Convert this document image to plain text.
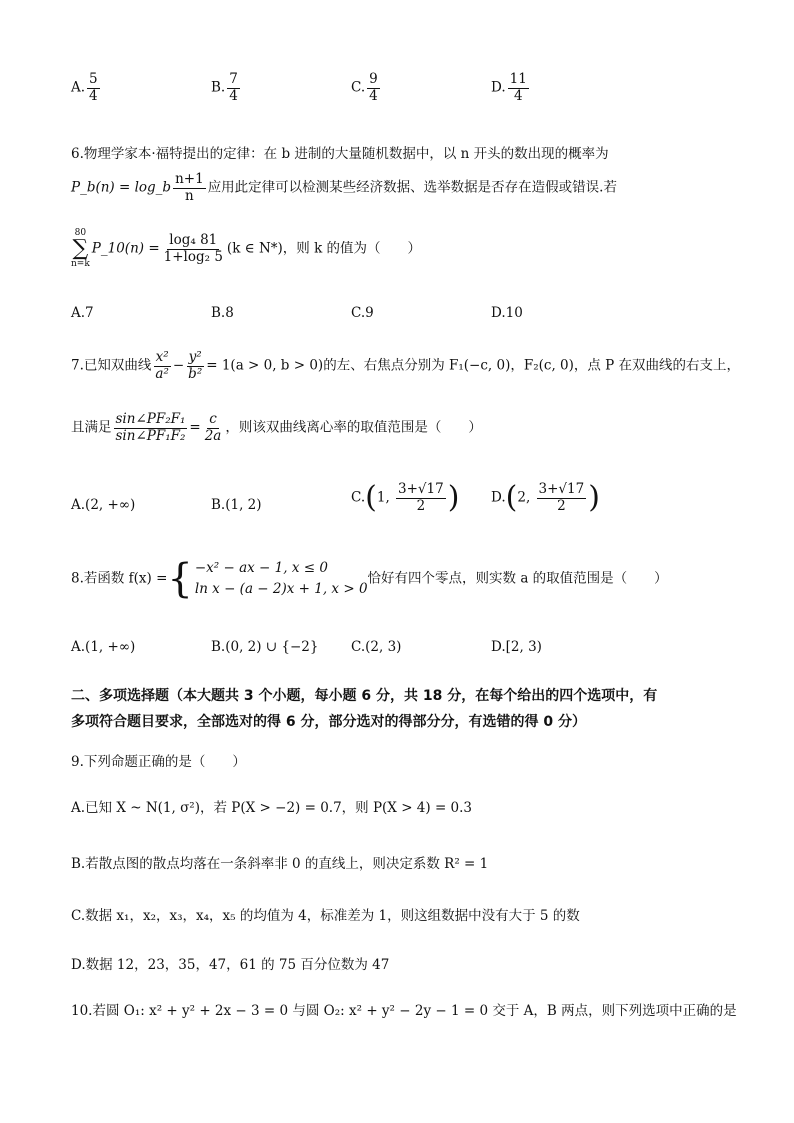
A. $\frac{5}{4}$	B. $\frac{7}{4}$	C. $\frac{9}{4}$	D. $\frac{11}{4}$
6.物理学家本·福特提出的定律：在 b 进制的大量随机数据中，以 n 开头的数出现的概率为
P_b(n) = log_b $\frac{n+1}{n}$ 应用此定律可以检测某些经济数据、选举数据是否存在造假或错误.若
80
∑
n=k
P_10(n) = $\frac{\text{log₄ 81}}{\text{1+log₂ 5}} (k$ ∈ N*)，则 k 的值为（　　）
A.7	B.8	C.9	D.10
7.已知双曲线 $\frac{\text{x²}}{\text{a²}} - \frac{\text{y²}}{\text{b²}} = 1(a > 0$, b > 0)的左、右焦点分别为 F₁(−c, 0)，F₂(c, 0)，点 P 在双曲线的右支上，
且满足 $\frac{\text{sin∠PF₂F₁}}{\text{sin∠PF₁F₂}} = \frac{c}{2a}$ ，则该双曲线离心率的取值范围是（　　）
A.(2, +∞)	B.(1, 2)	C.(1, $\frac{3+√17}{2}$ ) D.(2, $\frac{3+√17}{2}$ )
8.若函数 f(x) = { −x² − ax − 1, x ≤ 0
ln x − (a − 2)x + 1, x > 0
恰好有四个零点，则实数 a 的取值范围是（　　）
A.(1, +∞)	B.(0, 2) ∪ {−2} C.(2, 3)	D.[2, 3)
二、多项选择题（本大题共 3 个小题，每小题 6 分，共 18 分，在每个给出的四个选项中，有
多项符合题目要求，全部选对的得 6 分，部分选对的得部分分，有选错的得 0 分）
9.下列命题正确的是（　　）
A.已知 X ~ N(1, σ²)，若 P(X > −2) = 0.7，则 P(X > 4) = 0.3
B.若散点图的散点均落在一条斜率非 0 的直线上，则决定系数 R² = 1
C.数据 x₁，x₂，x₃，x₄，x₅ 的均值为 4，标准差为 1，则这组数据中没有大于 5 的数
D.数据 12，23，35，47，61 的 75 百分位数为 47
10.若圆 O₁: x² + y² + 2x − 3 = 0 与圆 O₂: x² + y² − 2y − 1 = 0 交于 A，B 两点，则下列选项中正确的是
